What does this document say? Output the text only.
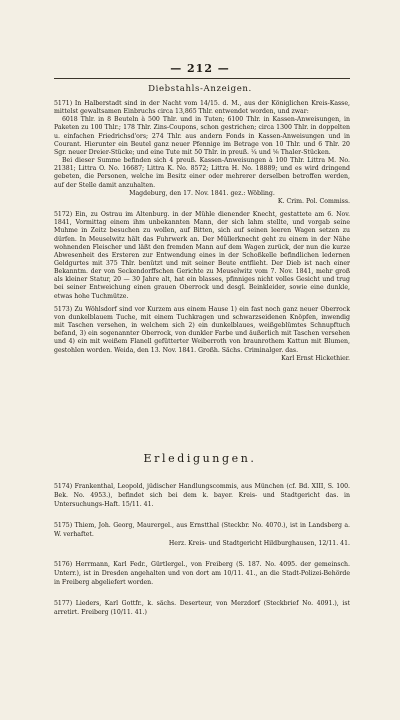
— 212 —
Diebstahls-Anzeigen.

5171) In Halberstadt sind in der Nacht vom 14/15. d. M., aus der Königlichen Kreis-Kasse, mittelst gewaltsamen Einbruchs circa 13,865 Thlr. entwendet worden, und zwar:

6018 Thlr. in 8 Beuteln à 500 Thlr. und in Tuten; 6100 Thlr. in Kassen-Anweisungen, in Paketen zu 100 Thlr.; 178 Thlr. Zins-Coupons, schon gestrichen; circa 1300 Thlr. in doppelten u. einfachen Friedrichsd'ors; 274 Thlr. aus andern Fonds in Kassen-Anweisungen und in Courant. Hierunter ein Beutel ganz neuer Pfennige im Betrage von 10 Thlr. und 6 Thlr. 20 Sgr. neuer Dreier-Stücke; und eine Tute mit 50 Thlr. in preuß. ¼ und ⅙ Thaler-Stücken.

Bei dieser Summe befinden sich 4 preuß. Kassen-Anweisungen à 100 Thlr. Littra M. No. 21381; Littra O. No. 16687; Littra K. No. 8572; Littra H. No. 18889; und es wird dringend gebeten, die Personen, welche im Besitz einer oder mehrerer derselben betroffen werden, auf der Stelle damit anzuhalten.

Magdeburg, den 17. Nov. 1841. gez.: Wöbling.
K. Crim. Pol. Commiss.

5172) Ein, zu Ostrau im Altenburg. in der Mühle dienender Knecht, gestattete am 6. Nov. 1841, Vormittag einem ihm unbekannten Mann, der sich lahm stellte, und vorgab seine Muhme in Zeitz besuchen zu wollen, auf Bitten, sich auf seinen leeren Wagen setzen zu dürfen. In Meuselwitz hält das Fuhrwerk an. Der Müllerknecht geht zu einem in der Nähe wohnenden Fleischer und läßt den fremden Mann auf dem Wagen zurück, der nun die kurze Abwesenheit des Ersteren zur Entwendung eines in der Schoßkelle befindlichen ledernen Geldgurtes mit 375 Thlr. benützt und mit seiner Beute entflieht. Der Dieb ist nach einer Bekanntm. der von Seckendorffschen Gerichte zu Meuselwitz vom 7. Nov. 1841, mehr groß als kleiner Statur, 20 — 30 Jahre alt, hat ein blasses, pfinniges nicht volles Gesicht und trug bei seiner Entweichung einen grauen Oberrock und desgl. Beinkleider, sowie eine dunkle, etwas hohe Tuchmütze.

5173) Zu Wöhlsdorf sind vor Kurzem aus einem Hause 1) ein fast noch ganz neuer Oberrock von dunkelblauem Tuche, mit einem Tuchkragen und schwarzseidenen Knöpfen, inwendig mit Taschen versehen, in welchem sich 2) ein dunkelblaues, weißgeblümtes Schnupftuch befand, 3) ein sogenannter Oberrock, von dunkler Farbe und äußerlich mit Taschen versehen und 4) ein mit weißem Flanell gefütterter Weiberroth von braunrothem Kattun mit Blumen, gestohlen worden. Weida, den 13. Nov. 1841. Großh. Sächs. Criminalger. das.

Karl Ernst Hickethier.
Erledigungen.
5174) Frankenthal, Leopold, jüdischer Handlungscommis, aus München (cf. Bd. XIII, S. 100. Bek. No. 4953.), befindet sich bei dem k. bayer. Kreis- und Stadtgericht das. in Untersuchungs-Haft. 15/11. 41.
5175) Thiem, Joh. Georg, Maurergel., aus Ernstthal (Steckbr. No. 4070.), ist in Landsberg a. W. verhaftet.
Herz. Kreis- und Stadtgericht Hildburghausen, 12/11. 41.
5176) Herrmann, Karl Fedr., Gürtlergel., von Freiberg (S. 187. No. 4095. der gemeinsch. Unterr.), ist in Dresden angehalten und von dort am 10/11. 41., an die Stadt-Polizei-Behörde in Freiberg abgeliefert worden.
5177) Lieders, Karl Gottfr., k. sächs. Deserteur, von Merzdorf (Steckbrief No. 4091.), ist arretirt. Freiberg (10/11. 41.)
